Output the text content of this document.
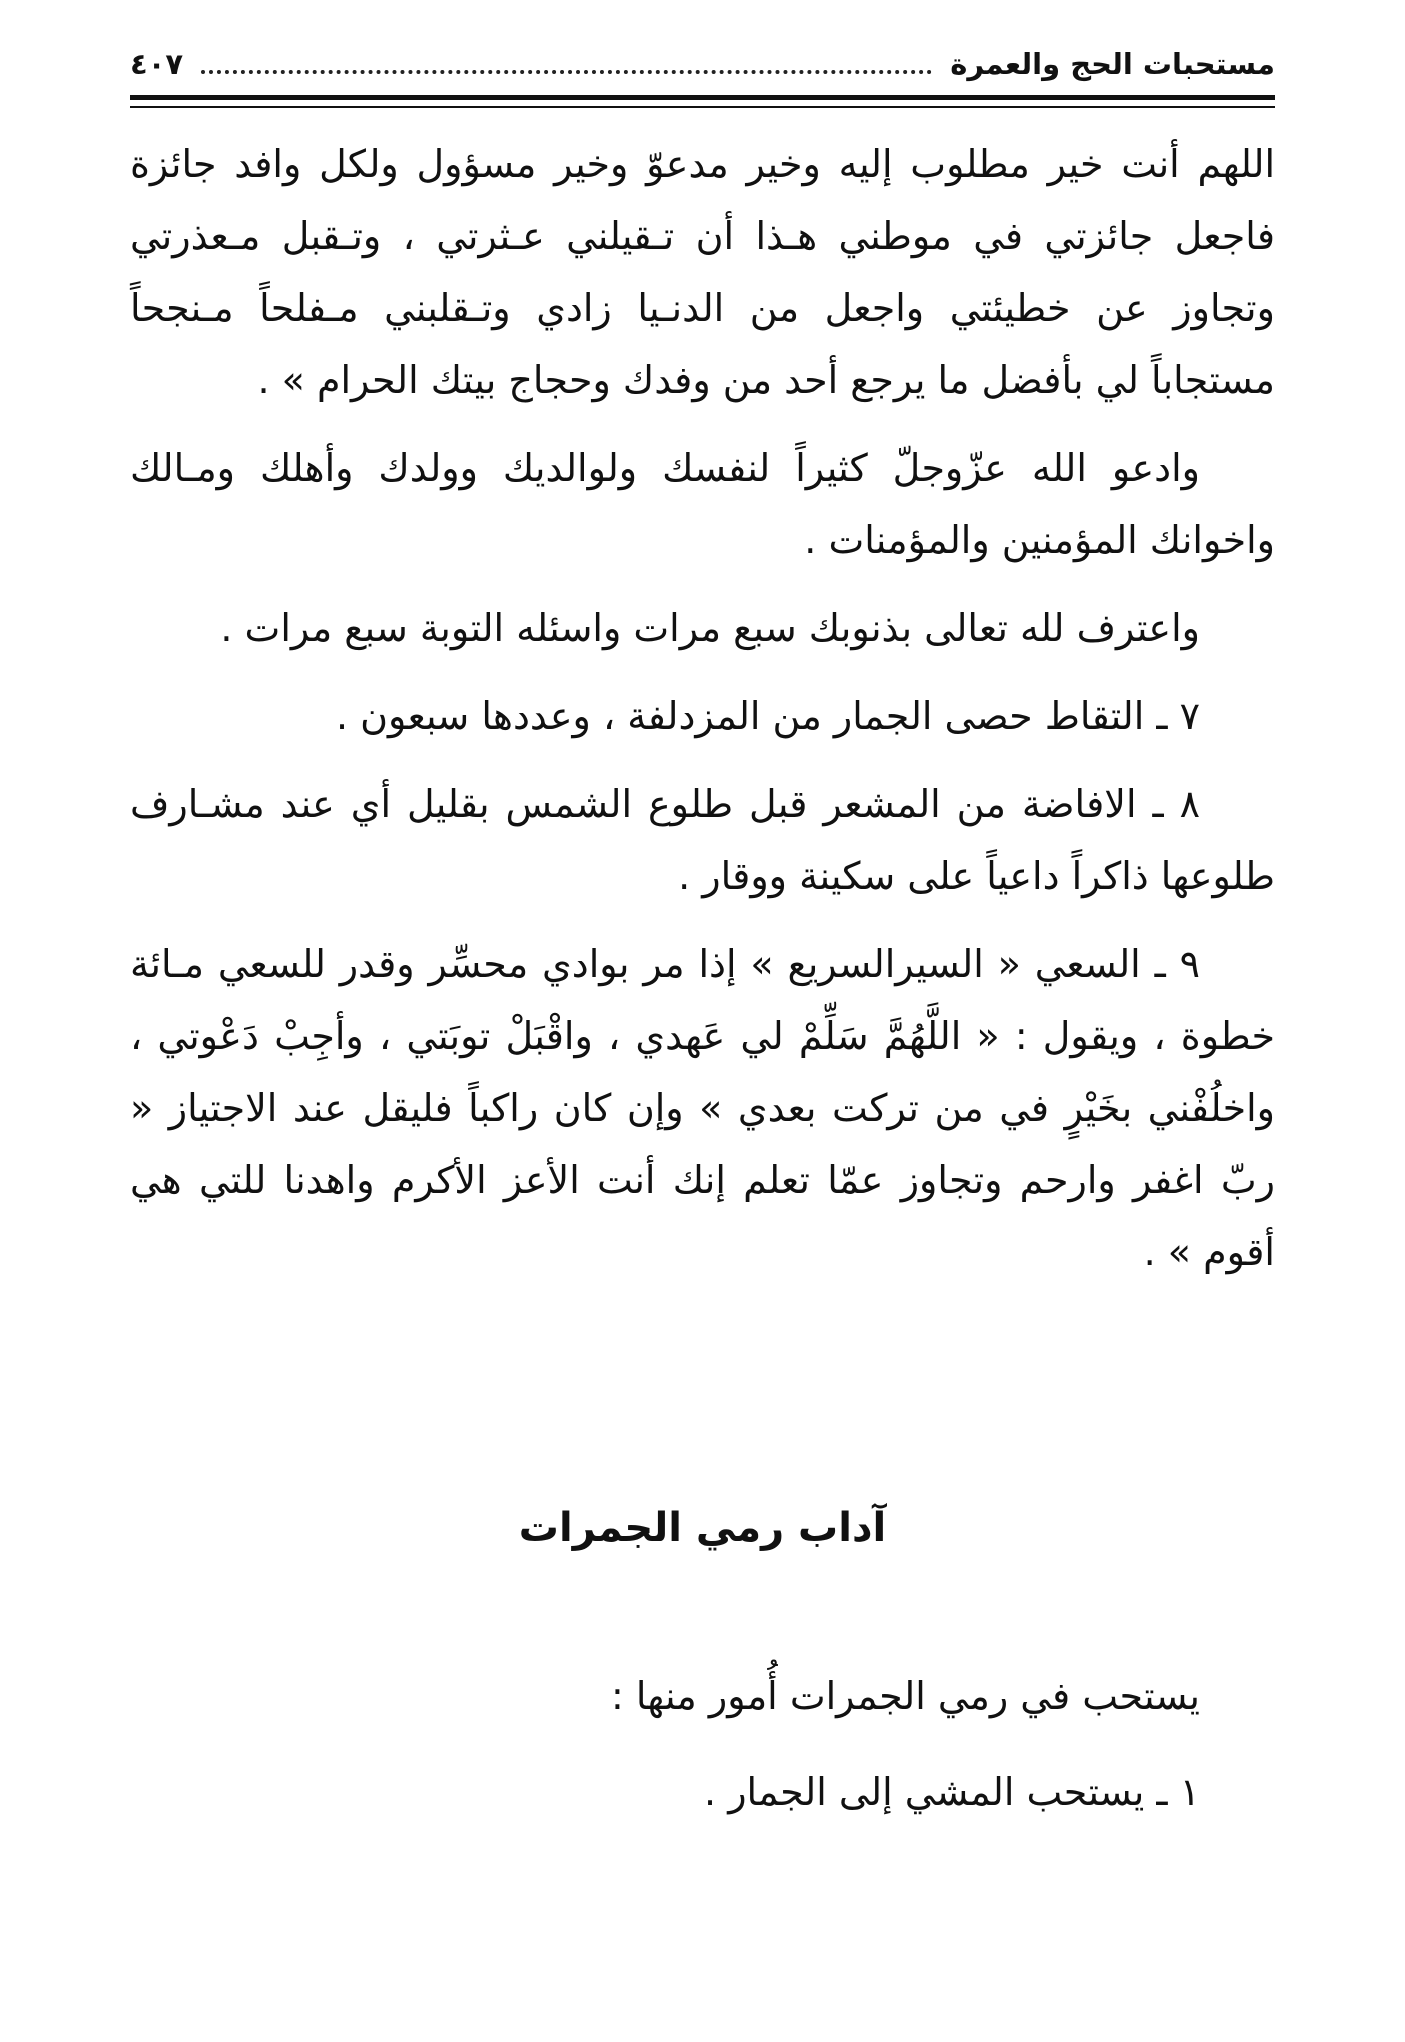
مستحبات الحج والعمرة
٤٠٧

اللهم أنت خير مطلوب إليه وخير مدعوّ وخير مسؤول ولكل وافد جائزة فاجعل جائزتي في موطني هـذا أن تـقيلني عـثرتي ، وتـقبل مـعذرتي وتجاوز عن خطيئتي واجعل من الدنـيا زادي وتـقلبني مـفلحاً مـنجحاً مستجاباً لي بأفضل ما يرجع أحد من وفدك وحجاج بيتك الحرام » .

وادعو الله عزّوجلّ كثيراً لنفسك ولوالديك وولدك وأهلك ومـالك واخوانك المؤمنين والمؤمنات .

واعترف لله تعالى بذنوبك سبع مرات واسئله التوبة سبع مرات .

٧ ـ التقاط حصى الجمار من المزدلفة ، وعددها سبعون .

٨ ـ الافاضة من المشعر قبل طلوع الشمس بقليل أي عند مشـارف طلوعها ذاكراً داعياً على سكينة ووقار .

٩ ـ السعي « السيرالسريع » إذا مر بوادي محسِّر وقدر للسعي مـائة خطوة ، ويقول : « اللَّهُمَّ سَلِّمْ لي عَهدي ، واقْبَلْ توبَتي ، وأجِبْ دَعْوتي ، واخلُفْني بخَيْرٍ في من تركت بعدي » وإن كان راكباً فليقل عند الاجتياز « ربّ اغفر وارحم وتجاوز عمّا تعلم إنك أنت الأعز الأكرم واهدنا للتي هي أقوم » .

آداب رمي الجمرات

يستحب في رمي الجمرات أُمور منها :

١ ـ يستحب المشي إلى الجمار .
